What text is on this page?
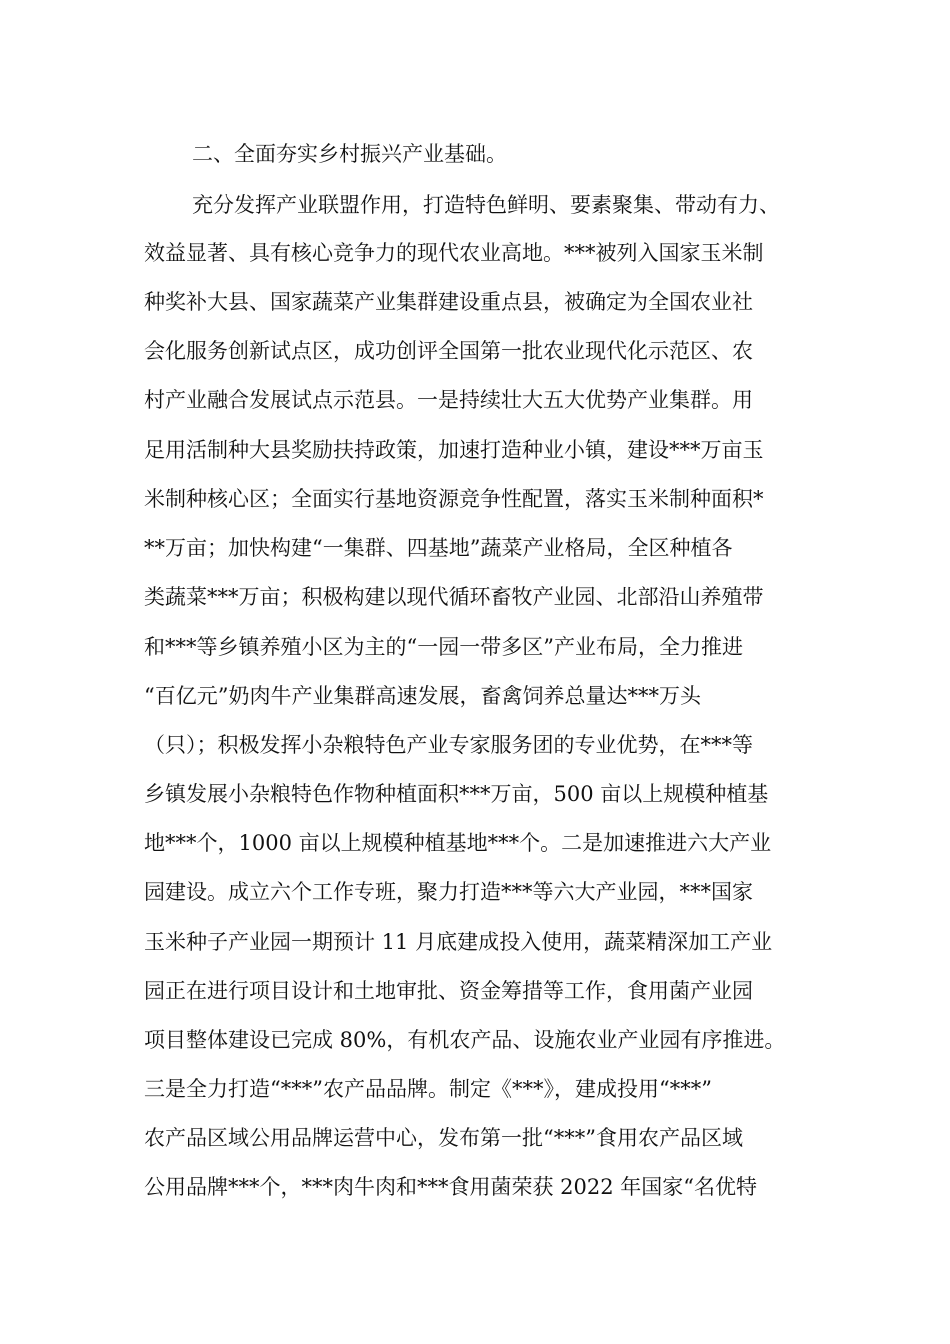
二、全面夯实乡村振兴产业基础。
充分发挥产业联盟作用，打造特色鲜明、要素聚集、带动有力、
效益显著、具有核心竞争力的现代农业高地。***被列入国家玉米制
种奖补大县、国家蔬菜产业集群建设重点县，被确定为全国农业社
会化服务创新试点区，成功创评全国第一批农业现代化示范区、农
村产业融合发展试点示范县。一是持续壮大五大优势产业集群。用
足用活制种大县奖励扶持政策，加速打造种业小镇，建设***万亩玉
米制种核心区；全面实行基地资源竞争性配置，落实玉米制种面积*
**万亩；加快构建“一集群、四基地”蔬菜产业格局，全区种植各
类蔬菜***万亩；积极构建以现代循环畜牧产业园、北部沿山养殖带
和***等乡镇养殖小区为主的“一园一带多区”产业布局，全力推进
“百亿元”奶肉牛产业集群高速发展，畜禽饲养总量达***万头
（只）；积极发挥小杂粮特色产业专家服务团的专业优势，在***等
乡镇发展小杂粮特色作物种植面积***万亩，500 亩以上规模种植基
地***个，1000 亩以上规模种植基地***个。二是加速推进六大产业
园建设。成立六个工作专班，聚力打造***等六大产业园，***国家
玉米种子产业园一期预计 11 月底建成投入使用，蔬菜精深加工产业
园正在进行项目设计和土地审批、资金筹措等工作，食用菌产业园
项目整体建设已完成 80%，有机农产品、设施农业产业园有序推进。
三是全力打造“***”农产品品牌。制定《***》，建成投用“***”
农产品区域公用品牌运营中心，发布第一批“***”食用农产品区域
公用品牌***个，***肉牛肉和***食用菌荣获 2022 年国家“名优特
